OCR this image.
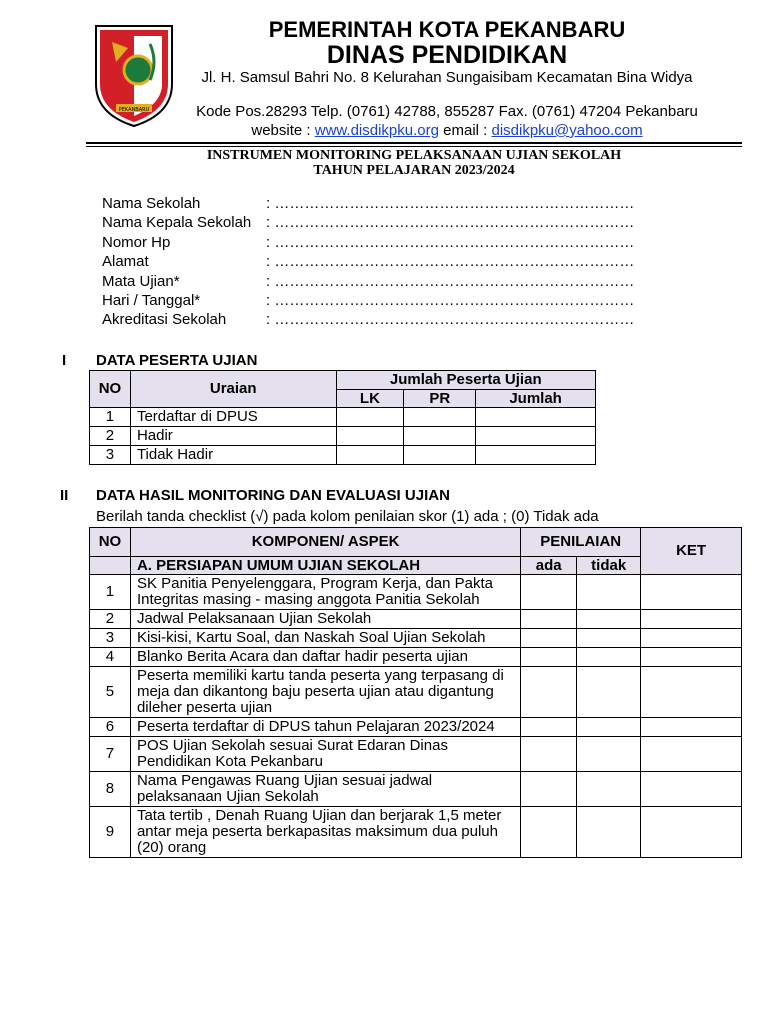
PEKANBARU
PEMERINTAH KOTA PEKANBARU
DINAS PENDIDIKAN
Jl. H. Samsul Bahri No. 8 Kelurahan Sungaisibam Kecamatan Bina Widya
Kode Pos.28293 Telp. (0761) 42788, 855287 Fax. (0761) 47204 Pekanbaru
website : www.disdikpku.org email : disdikpku@yahoo.com
INSTRUMEN MONITORING PELAKSANAAN UJIAN SEKOLAH
TAHUN PELAJARAN 2023/2024
Nama Sekolah	: ………………………………………………………………
Nama Kepala Sekolah : ………………………………………………………………
Nomor Hp	: ………………………………………………………………
Alamat	: ………………………………………………………………
Mata Ujian*	: ………………………………………………………………
Hari / Tanggal*	: ………………………………………………………………
Akreditasi Sekolah	: ………………………………………………………………
I DATA PESERTA UJIAN
NO	Uraian	Jumlah Peserta Ujian		
		LK	PR	Jumlah
1	Terdaftar di DPUS			
2	Hadir			
3	Tidak Hadir			
II DATA HASIL MONITORING DAN EVALUASI UJIAN
Berilah tanda checklist (√) pada kolom penilaian skor (1) ada ; (0) Tidak ada
NO	KOMPONEN/ ASPEK	PENILAIAN		KET
	A. PERSIAPAN UMUM UJIAN SEKOLAH	ada	tidak	
1	SK Panitia Penyelenggara, Program Kerja, dan Pakta Integritas masing - masing anggota Panitia Sekolah			
2	Jadwal Pelaksanaan Ujian Sekolah			
3	Kisi-kisi, Kartu Soal, dan Naskah Soal Ujian Sekolah			
4	Blanko Berita Acara dan daftar hadir peserta ujian			
5	Peserta memiliki kartu tanda peserta yang terpasang di meja dan dikantong baju peserta ujian atau digantung dileher peserta ujian			
6	Peserta terdaftar di DPUS tahun Pelajaran 2023/2024			
7	POS Ujian Sekolah sesuai Surat Edaran Dinas Pendidikan Kota Pekanbaru			
8	Nama Pengawas Ruang Ujian sesuai jadwal pelaksanaan Ujian Sekolah			
9	Tata tertib , Denah Ruang Ujian dan berjarak 1,5 meter antar meja peserta berkapasitas maksimum dua puluh (20) orang			
